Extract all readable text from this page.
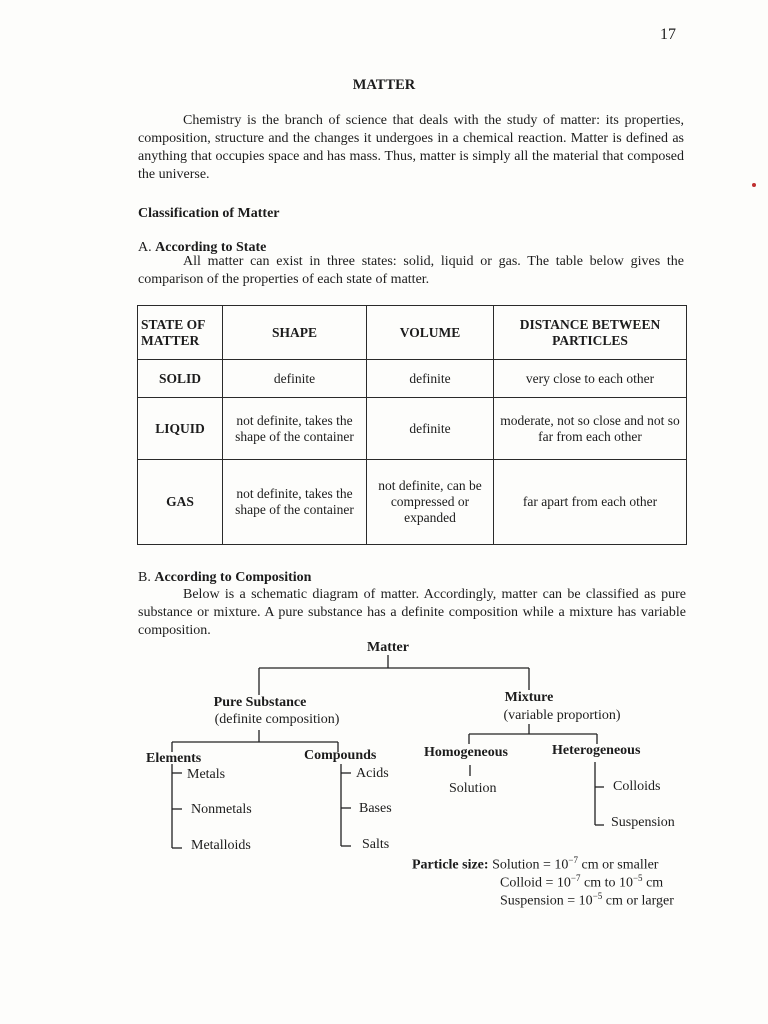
17
MATTER
Chemistry is the branch of science that deals with the study of matter: its properties, composition, structure and the changes it undergoes in a chemical reaction. Matter is defined as anything that occupies space and has mass. Thus, matter is simply all the material that composed the universe.
Classification of Matter
A. According to State
All matter can exist in three states: solid, liquid or gas. The table below gives the comparison of the properties of each state of matter.
STATE OF MATTER	SHAPE	VOLUME	DISTANCE BETWEEN PARTICLES
SOLID	definite	definite	very close to each other
LIQUID	not definite, takes the shape of the container	definite	moderate, not so close and not so far from each other
GAS	not definite, takes the shape of the container	not definite, can be compressed or expanded	far apart from each other
B. According to Composition
Below is a schematic diagram of matter. Accordingly, matter can be classified as pure substance or mixture. A pure substance has a definite composition while a mixture has variable composition.
Matter
Pure Substance
(definite composition)
Mixture
(variable proportion)
Elements
Metals
Nonmetals
Metalloids
Compounds
Acids
Bases
Salts
Homogeneous
Solution
Heterogeneous
Colloids
Suspension
Particle size: Solution = $10^{-7}$ cm or smaller
Colloid = $10^{-7}$ cm to $10^{-5}$ cm
Suspension = $10^{-5}$ cm or larger
